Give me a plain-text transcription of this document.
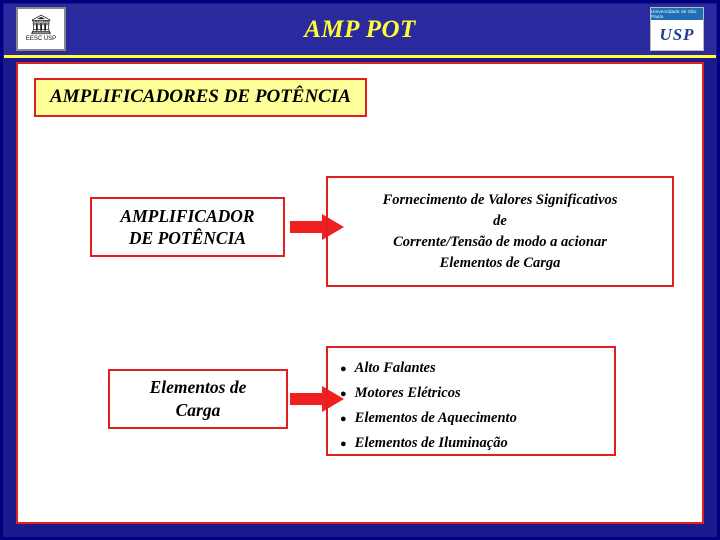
AMP POT
🏛
EESC USP
Universidade de São Paulo
USP
AMPLIFICADORES DE POTÊNCIA
AMPLIFICADOR
DE POTÊNCIA
Fornecimento de Valores Significativos
de
Corrente/Tensão de modo a acionar
Elementos de Carga
Elementos de
Carga
● Alto Falantes
● Motores Elétricos
● Elementos de Aquecimento
● Elementos de Iluminação
